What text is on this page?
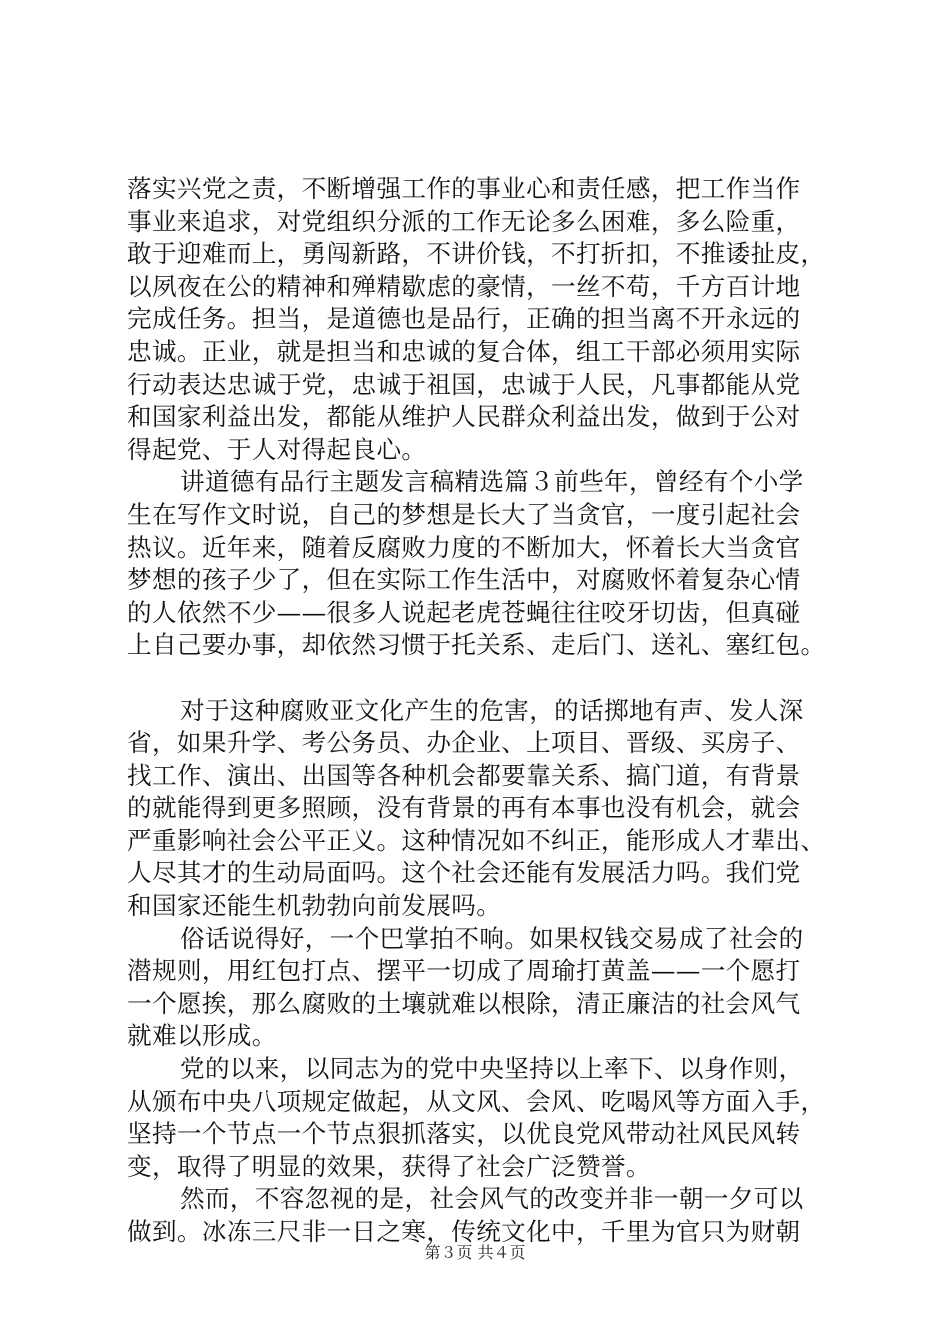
落实兴党之责，不断增强工作的事业心和责任感，把工作当作
事业来追求，对党组织分派的工作无论多么困难，多么险重，
敢于迎难而上，勇闯新路，不讲价钱，不打折扣，不推诿扯皮，
以夙夜在公的精神和殚精歇虑的豪情，一丝不苟，千方百计地
完成任务。担当，是道德也是品行，正确的担当离不开永远的
忠诚。正业，就是担当和忠诚的复合体，组工干部必须用实际
行动表达忠诚于党，忠诚于祖国，忠诚于人民，凡事都能从党
和国家利益出发，都能从维护人民群众利益出发，做到于公对
得起党、于人对得起良心。
讲道德有品行主题发言稿精选篇３前些年，曾经有个小学
生在写作文时说，自己的梦想是长大了当贪官，一度引起社会
热议。近年来，随着反腐败力度的不断加大，怀着长大当贪官
梦想的孩子少了，但在实际工作生活中，对腐败怀着复杂心情
的人依然不少——很多人说起老虎苍蝇往往咬牙切齿，但真碰
上自己要办事，却依然习惯于托关系、走后门、送礼、塞红包。
对于这种腐败亚文化产生的危害，的话掷地有声、发人深
省，如果升学、考公务员、办企业、上项目、晋级、买房子、
找工作、演出、出国等各种机会都要靠关系、搞门道，有背景
的就能得到更多照顾，没有背景的再有本事也没有机会，就会
严重影响社会公平正义。这种情况如不纠正，能形成人才辈出、
人尽其才的生动局面吗。这个社会还能有发展活力吗。我们党
和国家还能生机勃勃向前发展吗。
俗话说得好，一个巴掌拍不响。如果权钱交易成了社会的
潜规则，用红包打点、摆平一切成了周瑜打黄盖——一个愿打
一个愿挨，那么腐败的土壤就难以根除，清正廉洁的社会风气
就难以形成。
党的以来，以同志为的党中央坚持以上率下、以身作则，
从颁布中央八项规定做起，从文风、会风、吃喝风等方面入手，
坚持一个节点一个节点狠抓落实，以优良党风带动社风民风转
变，取得了明显的效果，获得了社会广泛赞誉。
然而，不容忽视的是，社会风气的改变并非一朝一夕可以
做到。冰冻三尺非一日之寒，传统文化中，千里为官只为财朝
第３页 共４页
